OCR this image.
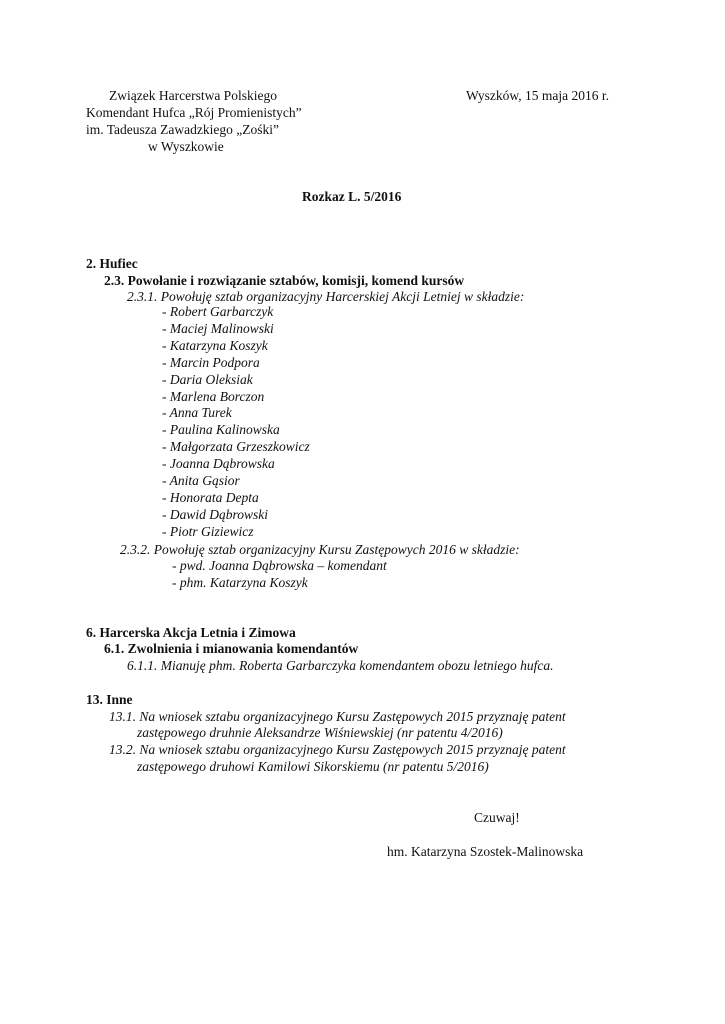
Związek Harcerstwa Polskiego
Komendant Hufca „Rój Promienistych”
im. Tadeusza Zawadzkiego „Zośki”
w Wyszkowie
Wyszków, 15 maja 2016 r.
Rozkaz L. 5/2016
2. Hufiec
2.3. Powołanie i rozwiązanie sztabów, komisji, komend kursów
2.3.1. Powołuję sztab organizacyjny Harcerskiej Akcji Letniej w składzie:
- Robert Garbarczyk
- Maciej Malinowski
- Katarzyna Koszyk
- Marcin Podpora
- Daria Oleksiak
- Marlena Borczon
- Anna Turek
- Paulina Kalinowska
- Małgorzata Grzeszkowicz
- Joanna Dąbrowska
- Anita Gąsior
- Honorata Depta
- Dawid Dąbrowski
- Piotr Giziewicz
2.3.2. Powołuję sztab organizacyjny Kursu Zastępowych 2016 w składzie:
- pwd. Joanna Dąbrowska – komendant
- phm. Katarzyna Koszyk
6. Harcerska Akcja Letnia i Zimowa
6.1. Zwolnienia i mianowania komendantów
6.1.1. Mianuję phm. Roberta Garbarczyka komendantem obozu letniego hufca.
13. Inne
13.1. Na wniosek sztabu organizacyjnego Kursu Zastępowych 2015 przyznaję patent
zastępowego druhnie Aleksandrze Wiśniewskiej (nr patentu 4/2016)
13.2. Na wniosek sztabu organizacyjnego Kursu Zastępowych 2015 przyznaję patent
zastępowego druhowi Kamilowi Sikorskiemu (nr patentu 5/2016)
Czuwaj!
hm. Katarzyna Szostek-Malinowska
